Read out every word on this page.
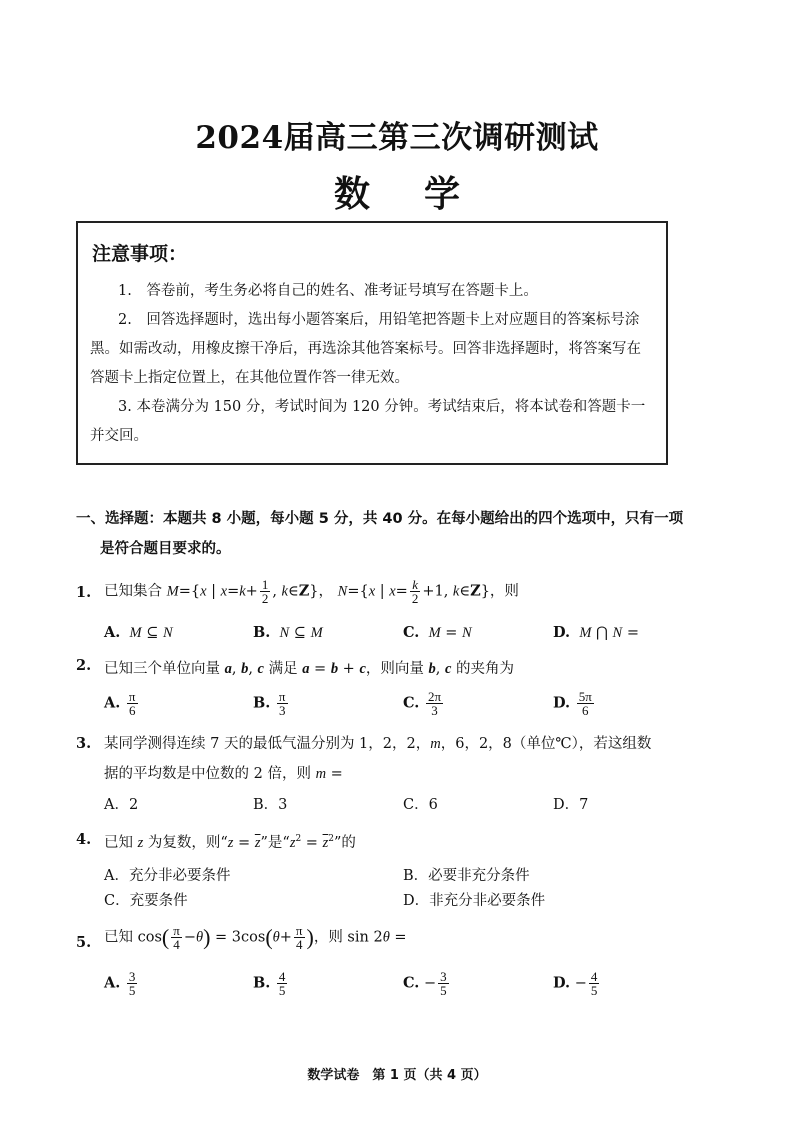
2024届高三第三次调研测试
数学
注意事项：
1.　答卷前，考生务必将自己的姓名、准考证号填写在答题卡上。
2.　回答选择题时，选出每小题答案后，用铅笔把答题卡上对应题目的答案标号涂
黑。如需改动，用橡皮擦干净后，再选涂其他答案标号。回答非选择题时，将答案写在
答题卡上指定位置上，在其他位置作答一律无效。
3. 本卷满分为 150 分，考试时间为 120 分钟。考试结束后，将本试卷和答题卡一
并交回。
一、选择题：本题共 8 小题，每小题 5 分，共 40 分。在每小题给出的四个选项中，只有一项
是符合题目要求的。
1. 已知集合 M={x | $x=k+ \frac{1}{2}$ , k∈Z}， N={x | $x= \frac{k}{2} +1$, k∈Z}，则
A. M ⊆ N	B. N ⊆ M	C. M = N	D. M ⋂ N =
2. 已知三个单位向量 a, b, c 满足 a = b + c，则向量 b, c 的夹角为
A. $\frac{\pi}{6}$	B. $\frac{\pi}{3}$	C. $\frac{2\pi}{3}$	D. $\frac{5\pi}{6}$
3. 某同学测得连续 7 天的最低气温分别为 1，2，2，m，6，2，8（单位℃），若这组数
据的平均数是中位数的 2 倍，则 m =
A．2	B．3	C．6	D．7
4. 已知 z 为复数，则“$z = \overline{z}$”是“$z^2 = \overline{z}^2$”的
A．充分非必要条件	B．必要非充分条件
C．充要条件	D．非充分非必要条件
5. 已知 $\cos( \frac{\pi}{4} -\theta) = 3\cos(\theta+ \frac{\pi}{4}$ )，则 sin 2θ =
A. $\frac{3}{5}$	B. $\frac{4}{5}$	C. − $\frac{3}{5}$	D. − $\frac{4}{5}$
数学试卷　第 1 页（共 4 页）
